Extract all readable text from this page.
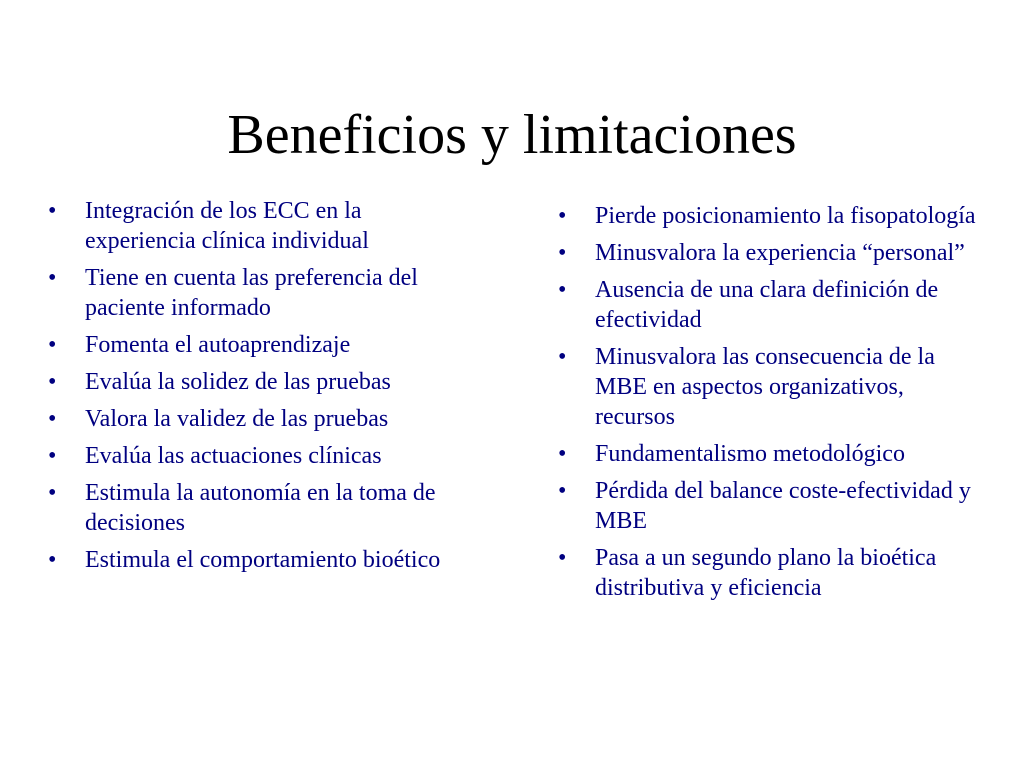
Beneficios y limitaciones
• Integración de los ECC en la experiencia clínica individual
• Tiene en cuenta las preferencia del paciente informado
• Fomenta el autoaprendizaje
• Evalúa la solidez de las pruebas
• Valora la validez de las pruebas
• Evalúa las actuaciones clínicas
• Estimula la autonomía en la toma de decisiones
• Estimula el comportamiento bioético
• Pierde posicionamiento la fisopatología
• Minusvalora la experiencia “personal”
• Ausencia de una clara definición de efectividad
• Minusvalora las consecuencia de la MBE en aspectos organizativos, recursos
• Fundamentalismo metodológico
• Pérdida del balance coste-efectividad y MBE
• Pasa a un segundo plano la bioética distributiva y eficiencia
